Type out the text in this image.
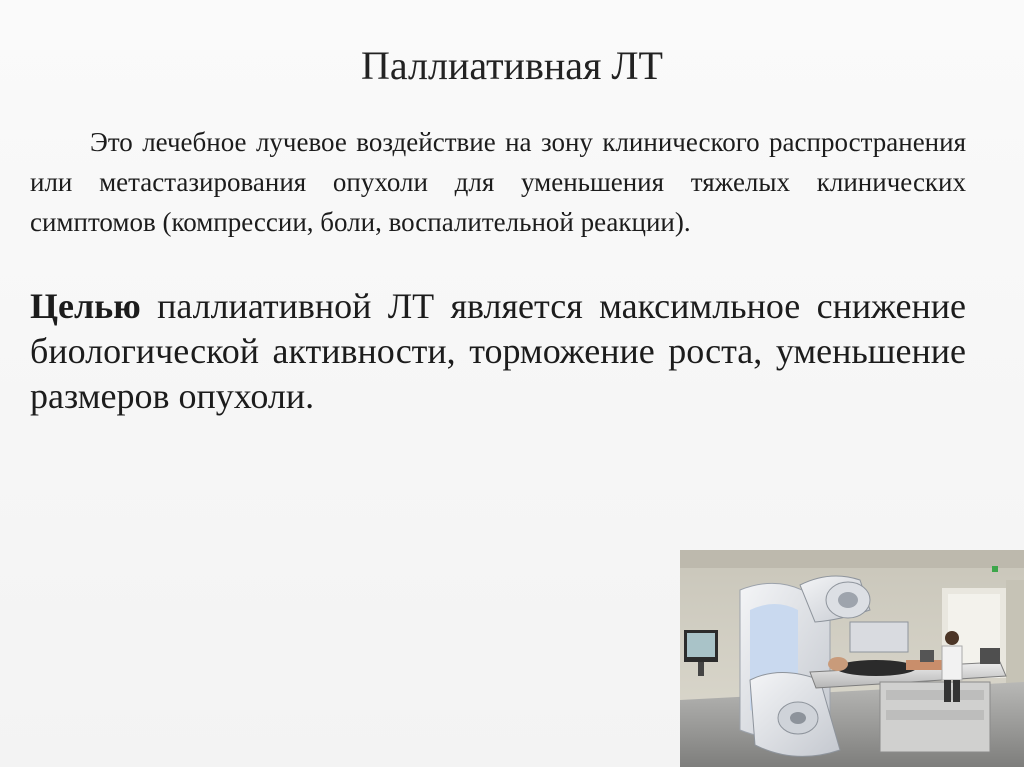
Паллиативная ЛТ
Это лечебное лучевое воздействие на зону клинического распространения или метастазирования опухоли для уменьшения тяжелых клинических симптомов (компрессии, боли, воспалительной реакции).
Целью паллиативной ЛТ является максимльное снижение биологической активности, торможение роста, уменьшение размеров опухоли.
